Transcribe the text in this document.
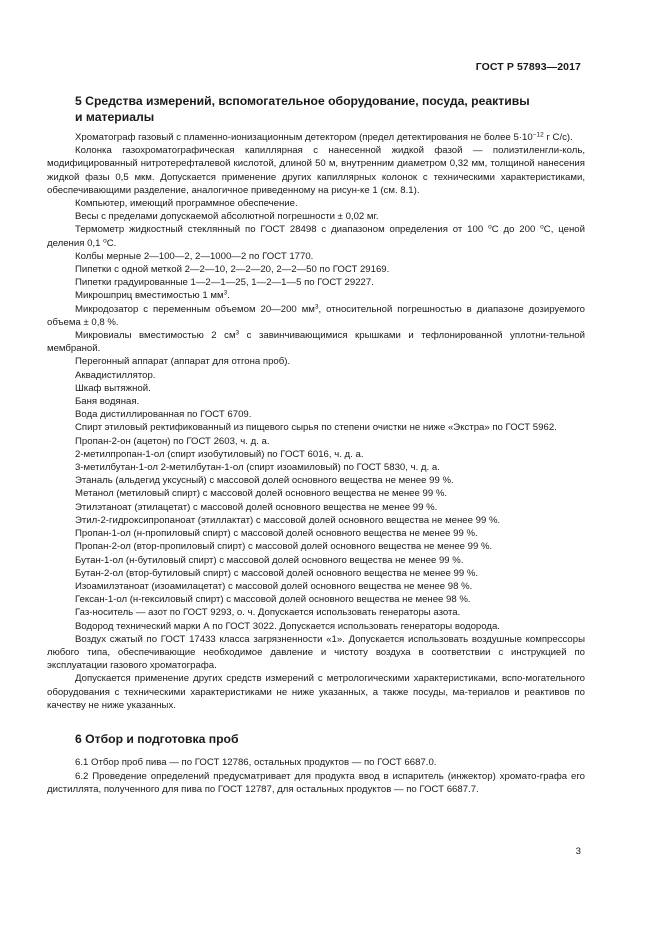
ГОСТ Р 57893—2017
5 Средства измерений, вспомогательное оборудование, посуда, реактивы
и материалы

Хроматограф газовый с пламенно-ионизационным детектором (предел детектирования не более $5\cdot 10^{-12}$ г С/с).

Колонка газохроматографическая капиллярная с нанесенной жидкой фазой — полиэтиленгли-коль, модифицированный нитротерефталевой кислотой, длиной 50 м, внутренним диаметром 0,32 мм, толщиной нанесения жидкой фазы 0,5 мкм. Допускается применение других капиллярных колонок с техническими характеристиками, обеспечивающими разделение, аналогичное приведенному на рисун-ке 1 (см. 8.1).

Компьютер, имеющий программное обеспечение.

Весы с пределами допускаемой абсолютной погрешности ± 0,02 мг.

Термометр жидкостный стеклянный по ГОСТ 28498 с диапазоном определения от 100 $^о$С до 200 $^о$С, ценой деления 0,1 $^о$С.

Колбы мерные 2—100—2, 2—1000—2 по ГОСТ 1770.

Пипетки с одной меткой 2—2—10, 2—2—20, 2—2—50 по ГОСТ 29169.

Пипетки градуированные 1—2—1—25, 1—2—1—5 по ГОСТ 29227.

Микрошприц вместимостью 1 $мм^3$.

Микродозатор с переменным объемом 20—200 $мм^3$, относительной погрешностью в диапазоне дозируемого объема ± 0,8 %.

Микровиалы вместимостью 2 $см^3$ с завинчивающимися крышками и тефлонированной уплотни-тельной мембраной.

Перегонный аппарат (аппарат для отгона проб).

Аквадистиллятор.

Шкаф вытяжной.

Баня водяная.

Вода дистиллированная по ГОСТ 6709.

Спирт этиловый ректификованный из пищевого сырья по степени очистки не ниже «Экстра» по ГОСТ 5962.

Пропан-2-он (ацетон) по ГОСТ 2603, ч. д. а.

2-метилпропан-1-ол (спирт изобутиловый) по ГОСТ 6016, ч. д. а.

3-метилбутан-1-ол 2-метилбутан-1-ол (спирт изоамиловый) по ГОСТ 5830, ч. д. а.

Этаналь (альдегид уксусный) с массовой долей основного вещества не менее 99 %.

Метанол (метиловый спирт) с массовой долей основного вещества не менее 99 %.

Этилэтаноат (этилацетат) с массовой долей основного вещества не менее 99 %.

Этил-2-гидроксипропаноат (этиллактат) с массовой долей основного вещества не менее 99 %.

Пропан-1-ол (н-пропиловый спирт) с массовой долей основного вещества не менее 99 %.

Пропан-2-ол (втор-пропиловый спирт) с массовой долей основного вещества не менее 99 %.

Бутан-1-ол (н-бутиловый спирт) с массовой долей основного вещества не менее 99 %.

Бутан-2-ол (втор-бутиловый спирт) с массовой долей основного вещества не менее 99 %.

Изоамилэтаноат (изоамилацетат) с массовой долей основного вещества не менее 98 %.

Гексан-1-ол (н-гексиловый спирт) с массовой долей основного вещества не менее 98 %.

Газ-носитель — азот по ГОСТ 9293, о. ч. Допускается использовать генераторы азота.

Водород технический марки А по ГОСТ 3022. Допускается использовать генераторы водорода.

Воздух сжатый по ГОСТ 17433 класса загрязненности «1». Допускается использовать воздушные компрессоры любого типа, обеспечивающие необходимое давление и чистоту воздуха в соответствии с инструкцией по эксплуатации газового хроматографа.

Допускается применение других средств измерений с метрологическими характеристиками, вспо-могательного оборудования с техническими характеристиками не ниже указанных, а также посуды, ма-териалов и реактивов по качеству не ниже указанных.

6 Отбор и подготовка проб

6.1 Отбор проб пива — по ГОСТ 12786, остальных продуктов — по ГОСТ 6687.0.

6.2 Проведение определений предусматривает для продукта ввод в испаритель (инжектор) хромато-графа его дистиллята, полученного для пива по ГОСТ 12787, для остальных продуктов — по ГОСТ 6687.7.

3
